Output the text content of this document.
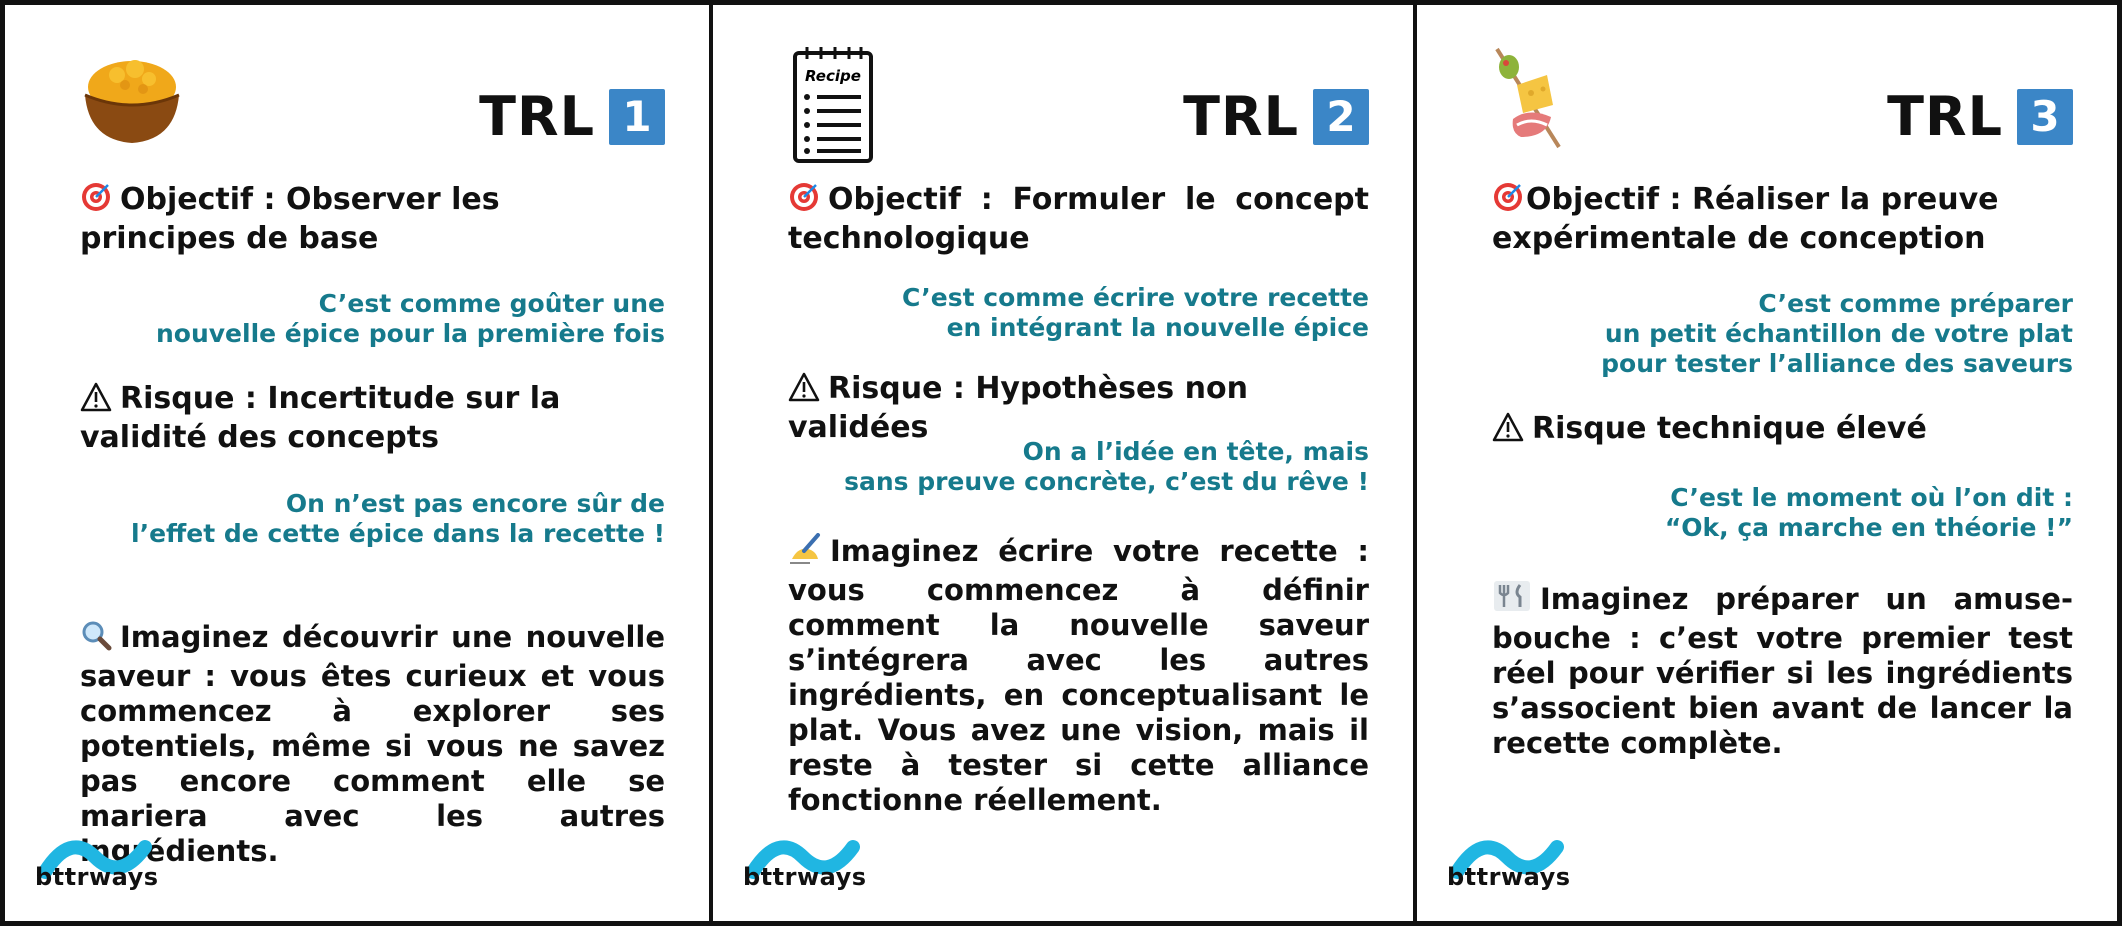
TRL 1
Objectif : Observer les principes de base
C’est comme goûter une
nouvelle épice pour la première fois
Risque : Incertitude sur la validité des concepts
On n’est pas encore sûr de
l’effet de cette épice dans la recette !
Imaginez découvrir une nouvelle saveur : vous êtes curieux et vous commencez à explorer ses potentiels, même si vous ne savez pas encore comment elle se mariera avec les autres ingrédients.
bttrways
Recipe
TRL 2
Objectif : Formuler le concept technologique
C’est comme écrire votre recette
en intégrant la nouvelle épice
Risque : Hypothèses non validées
On a l’idée en tête, mais
sans preuve concrète, c’est du rêve !
Imaginez écrire votre recette : vous commencez à définir comment la nouvelle saveur s’intégrera avec les autres ingrédients, en conceptualisant le plat. Vous avez une vision, mais il reste à tester si cette alliance fonctionne réellement.
bttrways
TRL 3
Objectif : Réaliser la preuve expérimentale de conception
C’est comme préparer
un petit échantillon de votre plat
pour tester l’alliance des saveurs
Risque technique élevé
C’est le moment où l’on dit :
“Ok, ça marche en théorie !”
Imaginez préparer un amuse-bouche : c’est votre premier test réel pour vérifier si les ingrédients s’associent bien avant de lancer la recette complète.
bttrways
